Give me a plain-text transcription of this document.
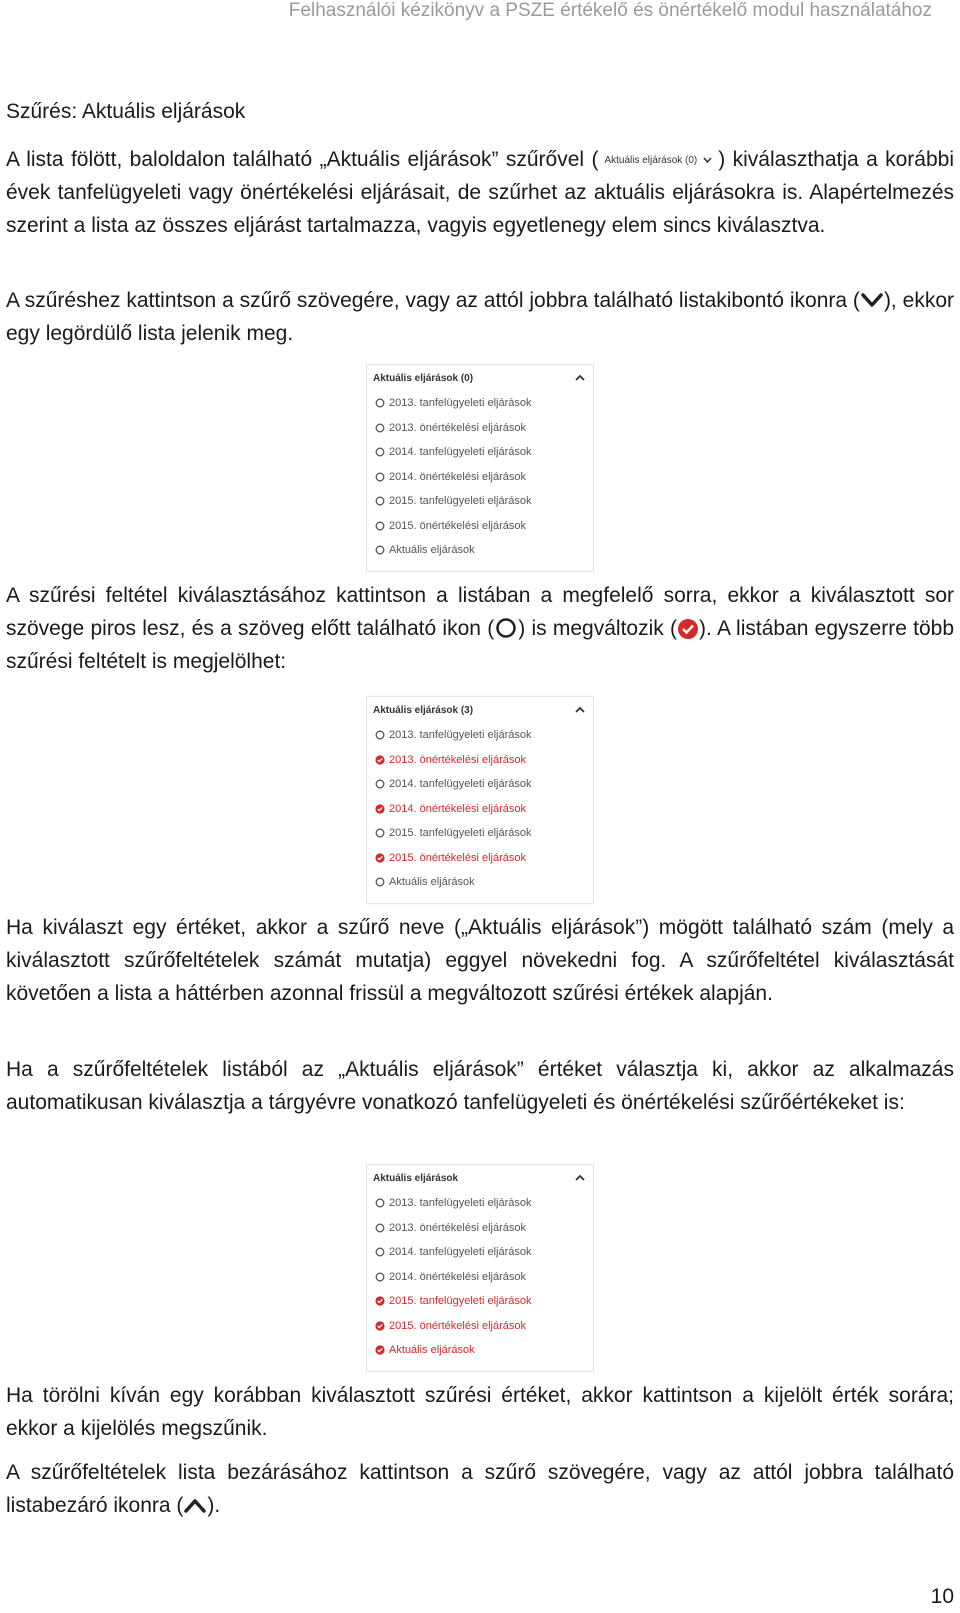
Felhasználói kézikönyv a PSZE értékelő és önértékelő modul használatához
Szűrés: Aktuális eljárások

A lista fölött, baloldalon található „Aktuális eljárások” szűrővel ( Aktuális eljárások (0) ) kiválaszthatja a korábbi évek tanfelügyeleti vagy önértékelési eljárásait, de szűrhet az aktuális eljárásokra is. Alapértelmezés szerint a lista az összes eljárást tartalmazza, vagyis egyetlenegy elem sincs kiválasztva.

A szűréshez kattintson a szűrő szövegére, vagy az attól jobbra található listakibontó ikonra ( ), ekkor egy legördülő lista jelenik meg.

Aktuális eljárások (0)
2013. tanfelügyeleti eljárások
2013. önértékelési eljárások
2014. tanfelügyeleti eljárások
2014. önértékelési eljárások
2015. tanfelügyeleti eljárások
2015. önértékelési eljárások
Aktuális eljárások

A szűrési feltétel kiválasztásához kattintson a listában a megfelelő sorra, ekkor a kiválasztott sor szövege piros lesz, és a szöveg előtt található ikon ( ) is megváltozik ( ). A listában egyszerre több szűrési feltételt is megjelölhet:

Aktuális eljárások (3)
2013. tanfelügyeleti eljárások
2013. önértékelési eljárások
2014. tanfelügyeleti eljárások
2014. önértékelési eljárások
2015. tanfelügyeleti eljárások
2015. önértékelési eljárások
Aktuális eljárások

Ha kiválaszt egy értéket, akkor a szűrő neve („Aktuális eljárások”) mögött található szám (mely a kiválasztott szűrőfeltételek számát mutatja) eggyel növekedni fog. A szűrőfeltétel kiválasztását követően a lista a háttérben azonnal frissül a megváltozott szűrési értékek alapján.

Ha a szűrőfeltételek listából az „Aktuális eljárások” értéket választja ki, akkor az alkalmazás automatikusan kiválasztja a tárgyévre vonatkozó tanfelügyeleti és önértékelési szűrőértékeket is:

Aktuális eljárások
2013. tanfelügyeleti eljárások
2013. önértékelési eljárások
2014. tanfelügyeleti eljárások
2014. önértékelési eljárások
2015. tanfelügyeleti eljárások
2015. önértékelési eljárások
Aktuális eljárások

Ha törölni kíván egy korábban kiválasztott szűrési értéket, akkor kattintson a kijelölt érték sorára; ekkor a kijelölés megszűnik.

A szűrőfeltételek lista bezárásához kattintson a szűrő szövegére, vagy az attól jobbra található listabezáró ikonra ( ).

10
